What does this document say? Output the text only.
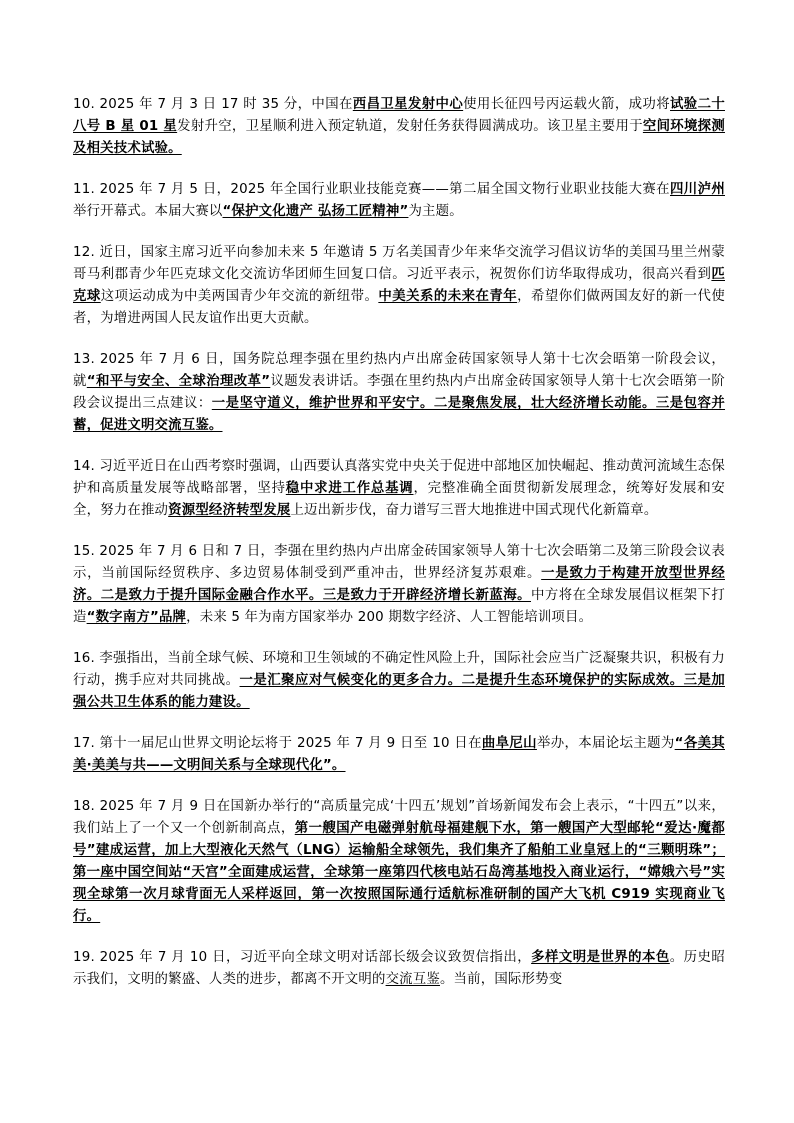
10. 2025 年 7 月 3 日 17 时 35 分，中国在西昌卫星发射中心使用长征四号丙运载火箭，成功将试验二十八号 B 星 01 星发射升空，卫星顺利进入预定轨道，发射任务获得圆满成功。该卫星主要用于空间环境探测及相关技术试验。

11. 2025 年 7 月 5 日，2025 年全国行业职业技能竞赛——第二届全国文物行业职业技能大赛在四川泸州举行开幕式。本届大赛以“保护文化遗产 弘扬工匠精神”为主题。

12. 近日，国家主席习近平向参加未来 5 年邀请 5 万名美国青少年来华交流学习倡议访华的美国马里兰州蒙哥马利郡青少年匹克球文化交流访华团师生回复口信。习近平表示，祝贺你们访华取得成功，很高兴看到匹克球这项运动成为中美两国青少年交流的新纽带。中美关系的未来在青年，希望你们做两国友好的新一代使者，为增进两国人民友谊作出更大贡献。

13. 2025 年 7 月 6 日，国务院总理李强在里约热内卢出席金砖国家领导人第十七次会晤第一阶段会议，就“和平与安全、全球治理改革”议题发表讲话。李强在里约热内卢出席金砖国家领导人第十七次会晤第一阶段会议提出三点建议：一是坚守道义，维护世界和平安宁。二是聚焦发展，壮大经济增长动能。三是包容并蓄，促进文明交流互鉴。

14. 习近平近日在山西考察时强调，山西要认真落实党中央关于促进中部地区加快崛起、推动黄河流域生态保护和高质量发展等战略部署，坚持稳中求进工作总基调，完整准确全面贯彻新发展理念，统筹好发展和安全，努力在推动资源型经济转型发展上迈出新步伐，奋力谱写三晋大地推进中国式现代化新篇章。

15. 2025 年 7 月 6 日和 7 日，李强在里约热内卢出席金砖国家领导人第十七次会晤第二及第三阶段会议表示，当前国际经贸秩序、多边贸易体制受到严重冲击，世界经济复苏艰难。一是致力于构建开放型世界经济。二是致力于提升国际金融合作水平。三是致力于开辟经济增长新蓝海。中方将在全球发展倡议框架下打造“数字南方”品牌，未来 5 年为南方国家举办 200 期数字经济、人工智能培训项目。

16. 李强指出，当前全球气候、环境和卫生领域的不确定性风险上升，国际社会应当广泛凝聚共识，积极有力行动，携手应对共同挑战。一是汇聚应对气候变化的更多合力。二是提升生态环境保护的实际成效。三是加强公共卫生体系的能力建设。

17. 第十一届尼山世界文明论坛将于 2025 年 7 月 9 日至 10 日在曲阜尼山举办，本届论坛主题为“各美其美·美美与共——文明间关系与全球现代化”。

18. 2025 年 7 月 9 日在国新办举行的“高质量完成‘十四五’规划”首场新闻发布会上表示，“十四五”以来，我们站上了一个又一个创新制高点，第一艘国产电磁弹射航母福建舰下水，第一艘国产大型邮轮“爱达·魔都号”建成运营，加上大型液化天然气（LNG）运输船全球领先，我们集齐了船舶工业皇冠上的“三颗明珠”；第一座中国空间站“天宫”全面建成运营，全球第一座第四代核电站石岛湾基地投入商业运行，“嫦娥六号”实现全球第一次月球背面无人采样返回，第一次按照国际通行适航标准研制的国产大飞机 C919 实现商业飞行。

19. 2025 年 7 月 10 日，习近平向全球文明对话部长级会议致贺信指出，多样文明是世界的本色。历史昭示我们，文明的繁盛、人类的进步，都离不开文明的交流互鉴。当前，国际形势变
